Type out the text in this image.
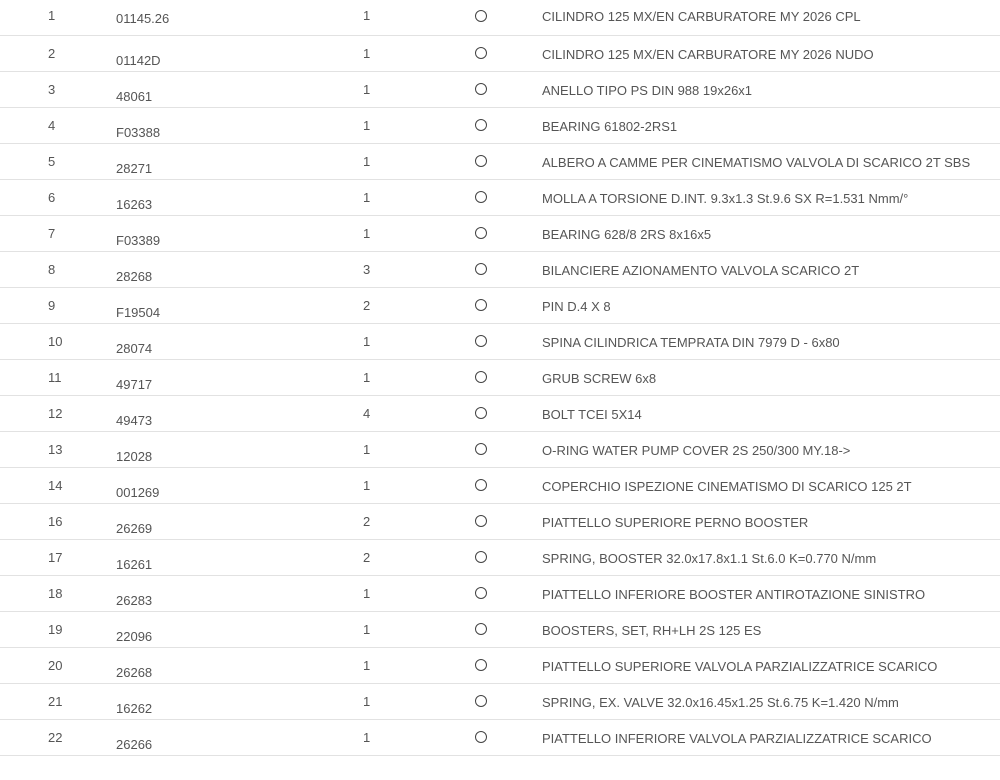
1	01145.26	1	CILINDRO 125 MX/EN CARBURATORE MY 2026 CPL
2	01142D	1	CILINDRO 125 MX/EN CARBURATORE MY 2026 NUDO
3	48061	1	ANELLO TIPO PS DIN 988 19x26x1
4	F03388	1	BEARING 61802-2RS1
5	28271	1	ALBERO A CAMME PER CINEMATISMO VALVOLA DI SCARICO 2T SBS
6	16263	1	MOLLA A TORSIONE D.INT. 9.3x1.3 St.9.6 SX R=1.531 Nmm/°
7	F03389	1	BEARING 628/8 2RS 8x16x5
8	28268	3	BILANCIERE AZIONAMENTO VALVOLA SCARICO 2T
9	F19504	2	PIN D.4 X 8
10	28074	1	SPINA CILINDRICA TEMPRATA DIN 7979 D - 6x80
11	49717	1	GRUB SCREW 6x8
12	49473	4	BOLT TCEI 5X14
13	12028	1	O-RING WATER PUMP COVER 2S 250/300 MY.18->
14	001269	1	COPERCHIO ISPEZIONE CINEMATISMO DI SCARICO 125 2T
16	26269	2	PIATTELLO SUPERIORE PERNO BOOSTER
17	16261	2	SPRING, BOOSTER 32.0x17.8x1.1 St.6.0 K=0.770 N/mm
18	26283	1	PIATTELLO INFERIORE BOOSTER ANTIROTAZIONE SINISTRO
19	22096	1	BOOSTERS, SET, RH+LH 2S 125 ES
20	26268	1	PIATTELLO SUPERIORE VALVOLA PARZIALIZZATRICE SCARICO
21	16262	1	SPRING, EX. VALVE 32.0x16.45x1.25 St.6.75 K=1.420 N/mm
22	26266	1	PIATTELLO INFERIORE VALVOLA PARZIALIZZATRICE SCARICO
